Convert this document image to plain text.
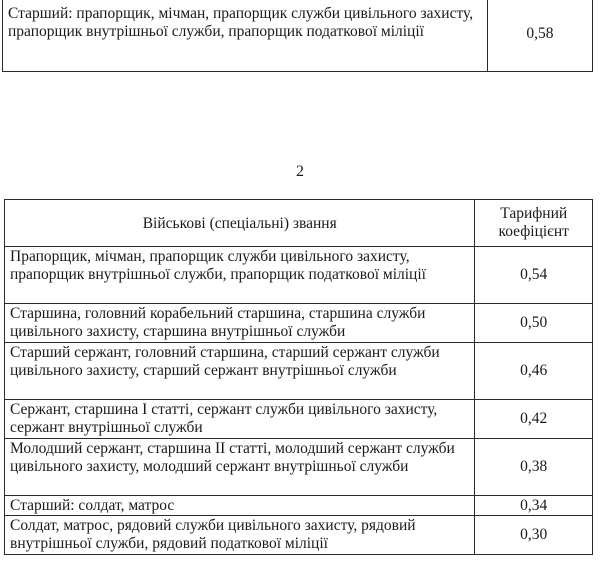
Старший: прапорщик, мічман, прапорщик служби цивільного захисту, прапорщик внутрішньої служби, прапорщик податкової міліції	0,58
2
Військові (спеціальні) звання	Тарифний коефіцієнт
Прапорщик, мічман, прапорщик служби цивільного захисту, прапорщик внутрішньої служби, прапорщик податкової міліції	0,54
Старшина, головний корабельний старшина, старшина служби цивільного захисту, старшина внутрішньої служби	0,50
Старший сержант, головний старшина, старший сержант служби цивільного захисту, старший сержант внутрішньої служби	0,46
Сержант, старшина I статті, сержант служби цивільного захисту, сержант внутрішньої служби	0,42
Молодший сержант, старшина II статті, молодший сержант служби цивільного захисту, молодший сержант внутрішньої служби	0,38
Старший: солдат, матрос	0,34
Солдат, матрос, рядовий служби цивільного захисту, рядовий внутрішньої служби, рядовий податкової міліції	0,30
